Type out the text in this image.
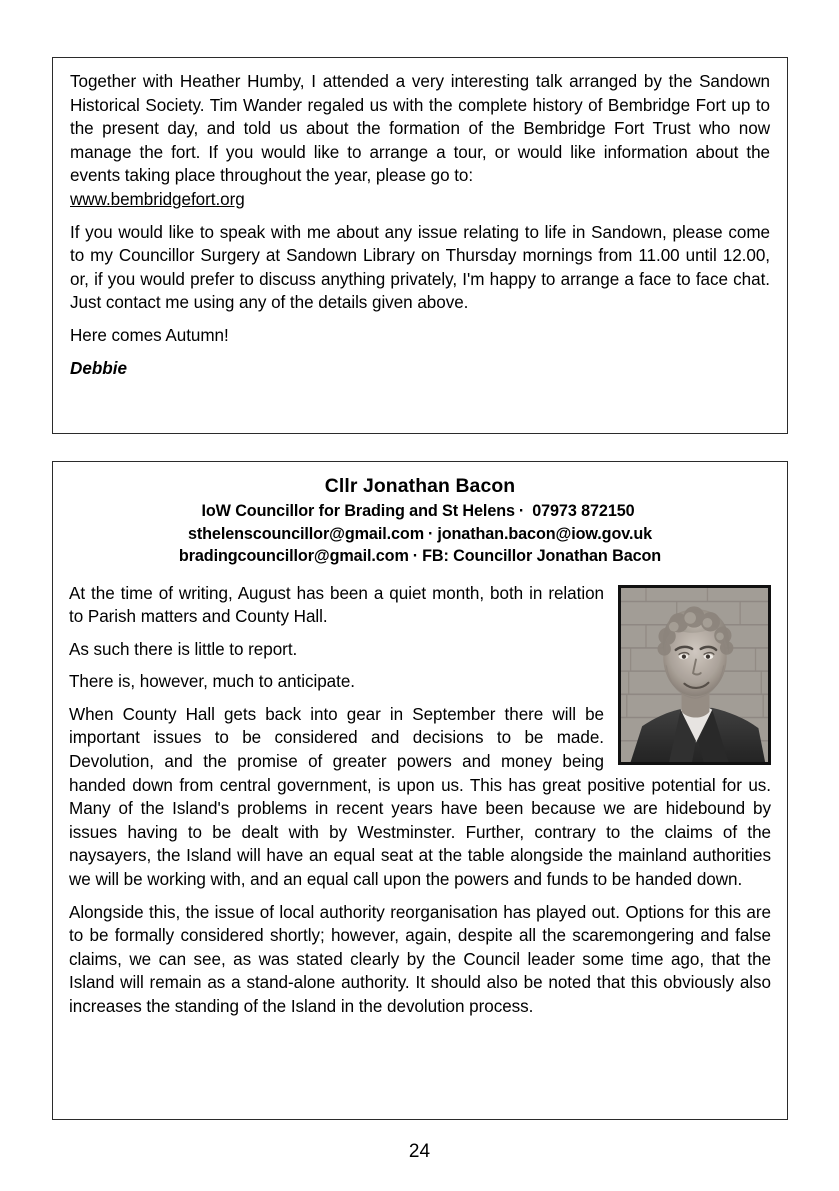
Together with Heather Humby, I attended a very interesting talk arranged by the Sandown Historical Society. Tim Wander regaled us with the complete history of Bembridge Fort up to the present day, and told us about the formation of the Bembridge Fort Trust who now manage the fort. If you would like to arrange a tour, or would like information about the events taking place throughout the year, please go to:

www.bembridgefort.org

If you would like to speak with me about any issue relating to life in Sandown, please come to my Councillor Surgery at Sandown Library on Thursday mornings from 11.00 until 12.00, or, if you would prefer to discuss anything privately, I'm happy to arrange a face to face chat. Just contact me using any of the details given above.

Here comes Autumn!

Debbie

Cllr Jonathan Bacon
IoW Councillor for Brading and St Helens · 07973 872150
sthelenscouncillor@gmail.com · jonathan.bacon@iow.gov.uk
bradingcouncillor@gmail.com · FB: Councillor Jonathan Bacon

At the time of writing, August has been a quiet month, both in relation to Parish matters and County Hall.

As such there is little to report.

There is, however, much to anticipate.

When County Hall gets back into gear in September there will be important issues to be considered and decisions to be made. Devolution, and the promise of greater powers and money being handed down from central government, is upon us. This has great positive potential for us. Many of the Island's problems in recent years have been because we are hidebound by issues having to be dealt with by Westminster. Further, contrary to the claims of the naysayers, the Island will have an equal seat at the table alongside the mainland authorities we will be working with, and an equal call upon the powers and funds to be handed down.

Alongside this, the issue of local authority reorganisation has played out. Options for this are to be formally considered shortly; however, again, despite all the scaremongering and false claims, we can see, as was stated clearly by the Council leader some time ago, that the Island will remain as a stand-alone authority. It should also be noted that this obviously also increases the standing of the Island in the devolution process.

24
